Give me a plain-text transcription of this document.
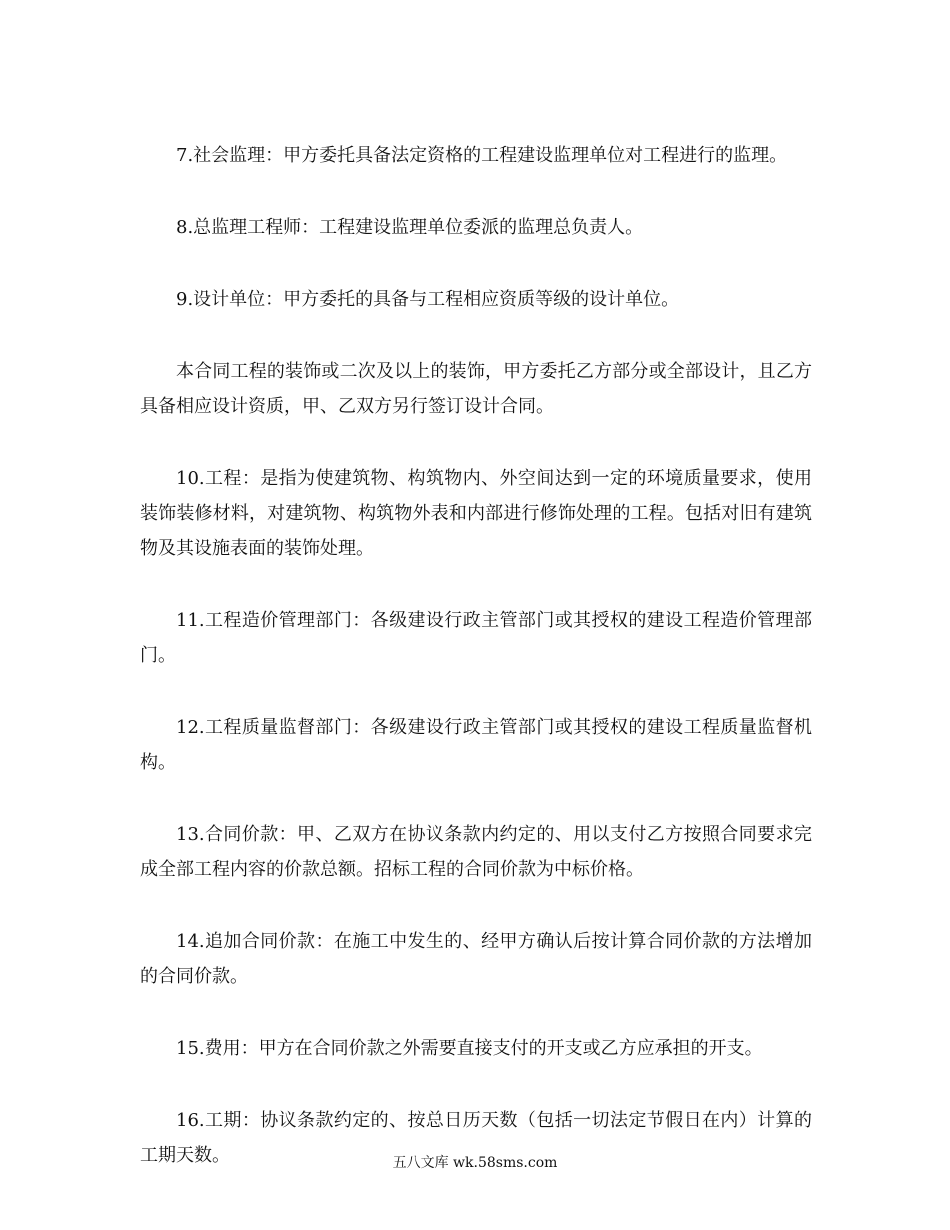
7.社会监理：甲方委托具备法定资格的工程建设监理单位对工程进行的监理。

8.总监理工程师：工程建设监理单位委派的监理总负责人。

9.设计单位：甲方委托的具备与工程相应资质等级的设计单位。

本合同工程的装饰或二次及以上的装饰，甲方委托乙方部分或全部设计，且乙方具备相应设计资质，甲、乙双方另行签订设计合同。

10.工程：是指为使建筑物、构筑物内、外空间达到一定的环境质量要求，使用装饰装修材料，对建筑物、构筑物外表和内部进行修饰处理的工程。包括对旧有建筑物及其设施表面的装饰处理。

11.工程造价管理部门：各级建设行政主管部门或其授权的建设工程造价管理部门。

12.工程质量监督部门：各级建设行政主管部门或其授权的建设工程质量监督机构。

13.合同价款：甲、乙双方在协议条款内约定的、用以支付乙方按照合同要求完成全部工程内容的价款总额。招标工程的合同价款为中标价格。

14.追加合同价款：在施工中发生的、经甲方确认后按计算合同价款的方法增加的合同价款。

15.费用：甲方在合同价款之外需要直接支付的开支或乙方应承担的开支。

16.工期：协议条款约定的、按总日历天数（包括一切法定节假日在内）计算的工期天数。	五八文库 wk.58sms.com
